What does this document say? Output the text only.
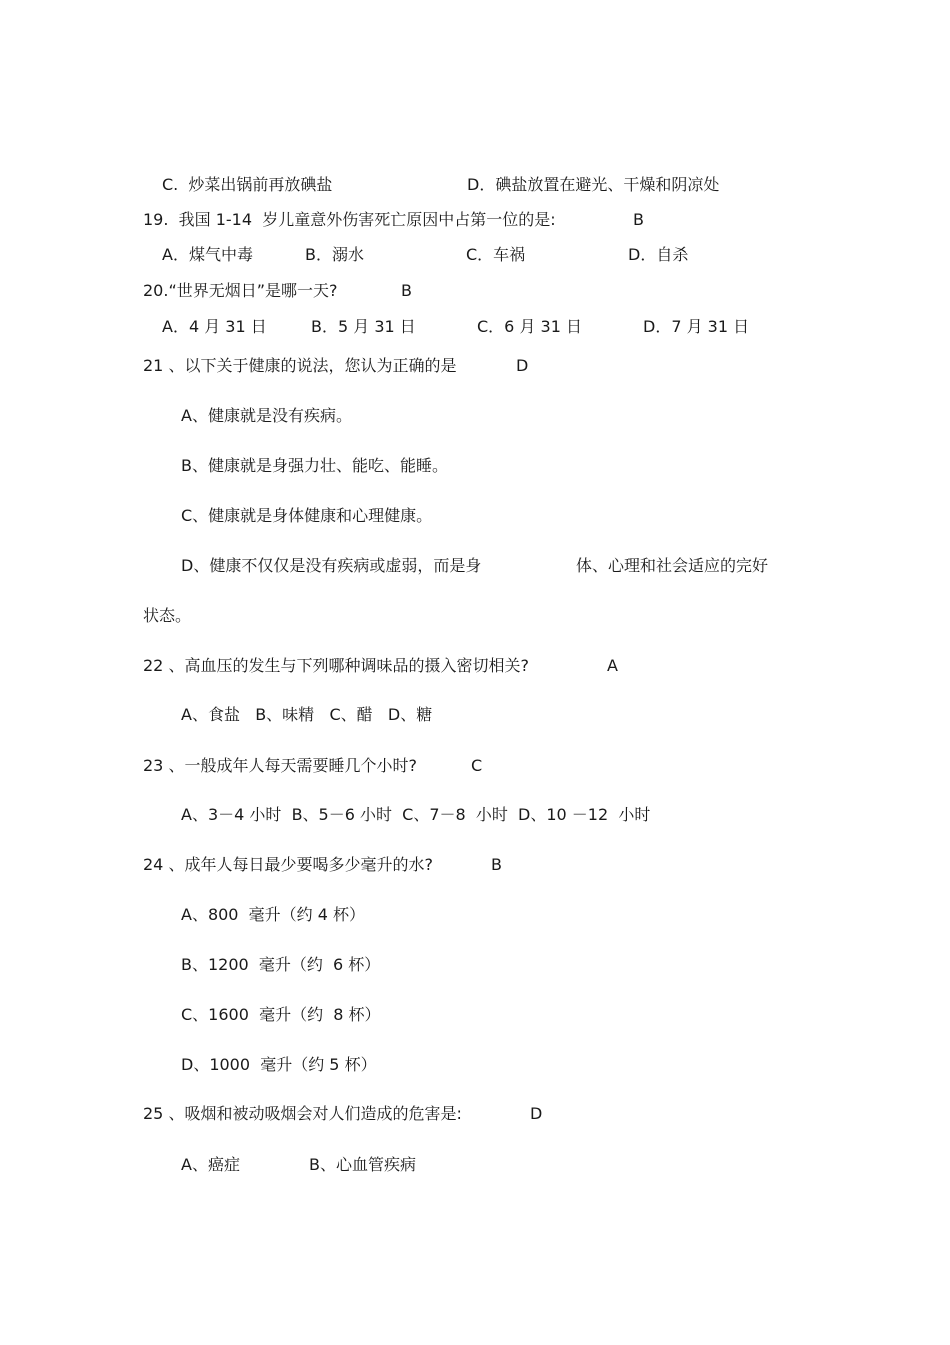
C.  炒菜出锅前再放碘盐	D．碘盐放置在避光、干燥和阴凉处
19.  我国 1-14  岁儿童意外伤害死亡原因中占第一位的是:	B
A．煤气中毒	B．溺水	C．车祸	D．自杀
20.“世界无烟日”是哪一天?	B
A．4 月 31 日	B．5 月 31 日	C．6 月 31 日	D．7 月 31 日
21 、以下关于健康的说法，您认为正确的是	D
A、健康就是没有疾病。
B、健康就是身强力壮、能吃、能睡。
C、健康就是身体健康和心理健康。
D、健康不仅仅是没有疾病或虚弱，而是身	体、心理和社会适应的完好
状态。
22 、高血压的发生与下列哪种调味品的摄入密切相关?	A
A、食盐   B、味精   C、醋   D、糖
23 、一般成年人每天需要睡几个小时?	C
A、3－4 小时  B、5－6 小时  C、7－8  小时  D、10 －12  小时
24 、成年人每日最少要喝多少毫升的水?	B
A、800  毫升（约 4 杯）
B、1200  毫升（约  6 杯）
C、1600  毫升（约  8 杯）
D、1000  毫升（约 5 杯）
25 、吸烟和被动吸烟会对人们造成的危害是:	D
A、癌症	B、心血管疾病
